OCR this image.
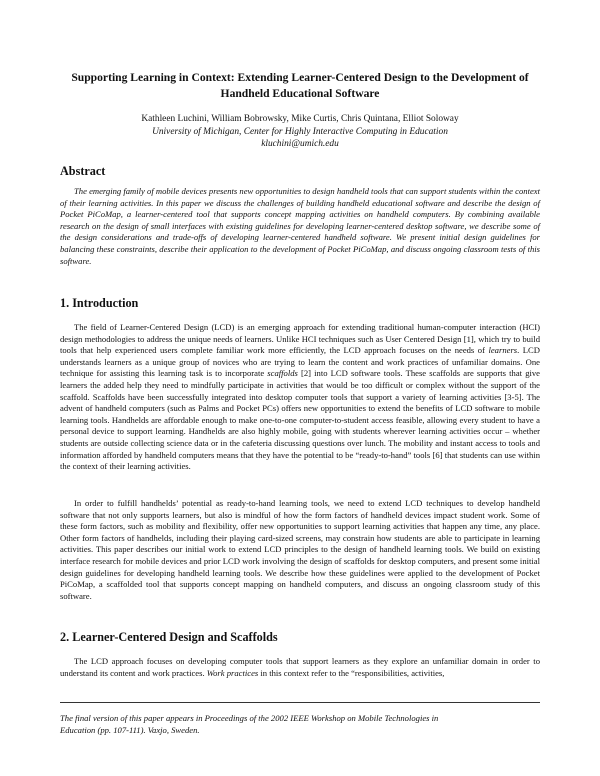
Supporting Learning in Context: Extending Learner-Centered Design to the Development of
Handheld Educational Software
Kathleen Luchini, William Bobrowsky, Mike Curtis, Chris Quintana, Elliot Soloway
University of Michigan, Center for Highly Interactive Computing in Education
kluchini@umich.edu
Abstract

The emerging family of mobile devices presents new opportunities to design handheld tools that can support students within the context of their learning activities. In this paper we discuss the challenges of building handheld educational software and describe the design of Pocket PiCoMap, a learner-centered tool that supports concept mapping activities on handheld computers. By combining available research on the design of small interfaces with existing guidelines for developing learner-centered desktop software, we describe some of the design considerations and trade-offs of developing learner-centered handheld software. We present initial design guidelines for balancing these constraints, describe their application to the development of Pocket PiCoMap, and discuss ongoing classroom tests of this software.

1. Introduction

The field of Learner-Centered Design (LCD) is an emerging approach for extending traditional human-computer interaction (HCI) design methodologies to address the unique needs of learners. Unlike HCI techniques such as User Centered Design [1], which try to build tools that help experienced users complete familiar work more efficiently, the LCD approach focuses on the needs of learners. LCD understands learners as a unique group of novices who are trying to learn the content and work practices of unfamiliar domains. One technique for assisting this learning task is to incorporate scaffolds [2] into LCD software tools. These scaffolds are supports that give learners the added help they need to mindfully participate in activities that would be too difficult or complex without the support of the scaffold. Scaffolds have been successfully integrated into desktop computer tools that support a variety of learning activities [3-5]. The advent of handheld computers (such as Palms and Pocket PCs) offers new opportunities to extend the benefits of LCD software to mobile learning tools. Handhelds are affordable enough to make one-to-one computer-to-student access feasible, allowing every student to have a personal device to support learning. Handhelds are also highly mobile, going with students wherever learning activities occur – whether students are outside collecting science data or in the cafeteria discussing questions over lunch. The mobility and instant access to tools and information afforded by handheld computers means that they have the potential to be “ready-to-hand” tools [6] that students can use within the context of their learning activities.

In order to fulfill handhelds’ potential as ready-to-hand learning tools, we need to extend LCD techniques to develop handheld software that not only supports learners, but also is mindful of how the form factors of handheld devices impact student work. Some of these form factors, such as mobility and flexibility, offer new opportunities to support learning activities that happen any time, any place. Other form factors of handhelds, including their playing card-sized screens, may constrain how students are able to participate in learning activities. This paper describes our initial work to extend LCD principles to the design of handheld learning tools. We build on existing interface research for mobile devices and prior LCD work involving the design of scaffolds for desktop computers, and present some initial design guidelines for developing handheld learning tools. We describe how these guidelines were applied to the development of Pocket PiCoMap, a scaffolded tool that supports concept mapping on handheld computers, and discuss an ongoing classroom study of this software.

2. Learner-Centered Design and Scaffolds

The LCD approach focuses on developing computer tools that support learners as they explore an unfamiliar domain in order to understand its content and work practices. Work practices in this context refer to the “responsibilities, activities,

The final version of this paper appears in Proceedings of the 2002 IEEE Workshop on Mobile Technologies in
Education (pp. 107-111). Vaxjo, Sweden.
